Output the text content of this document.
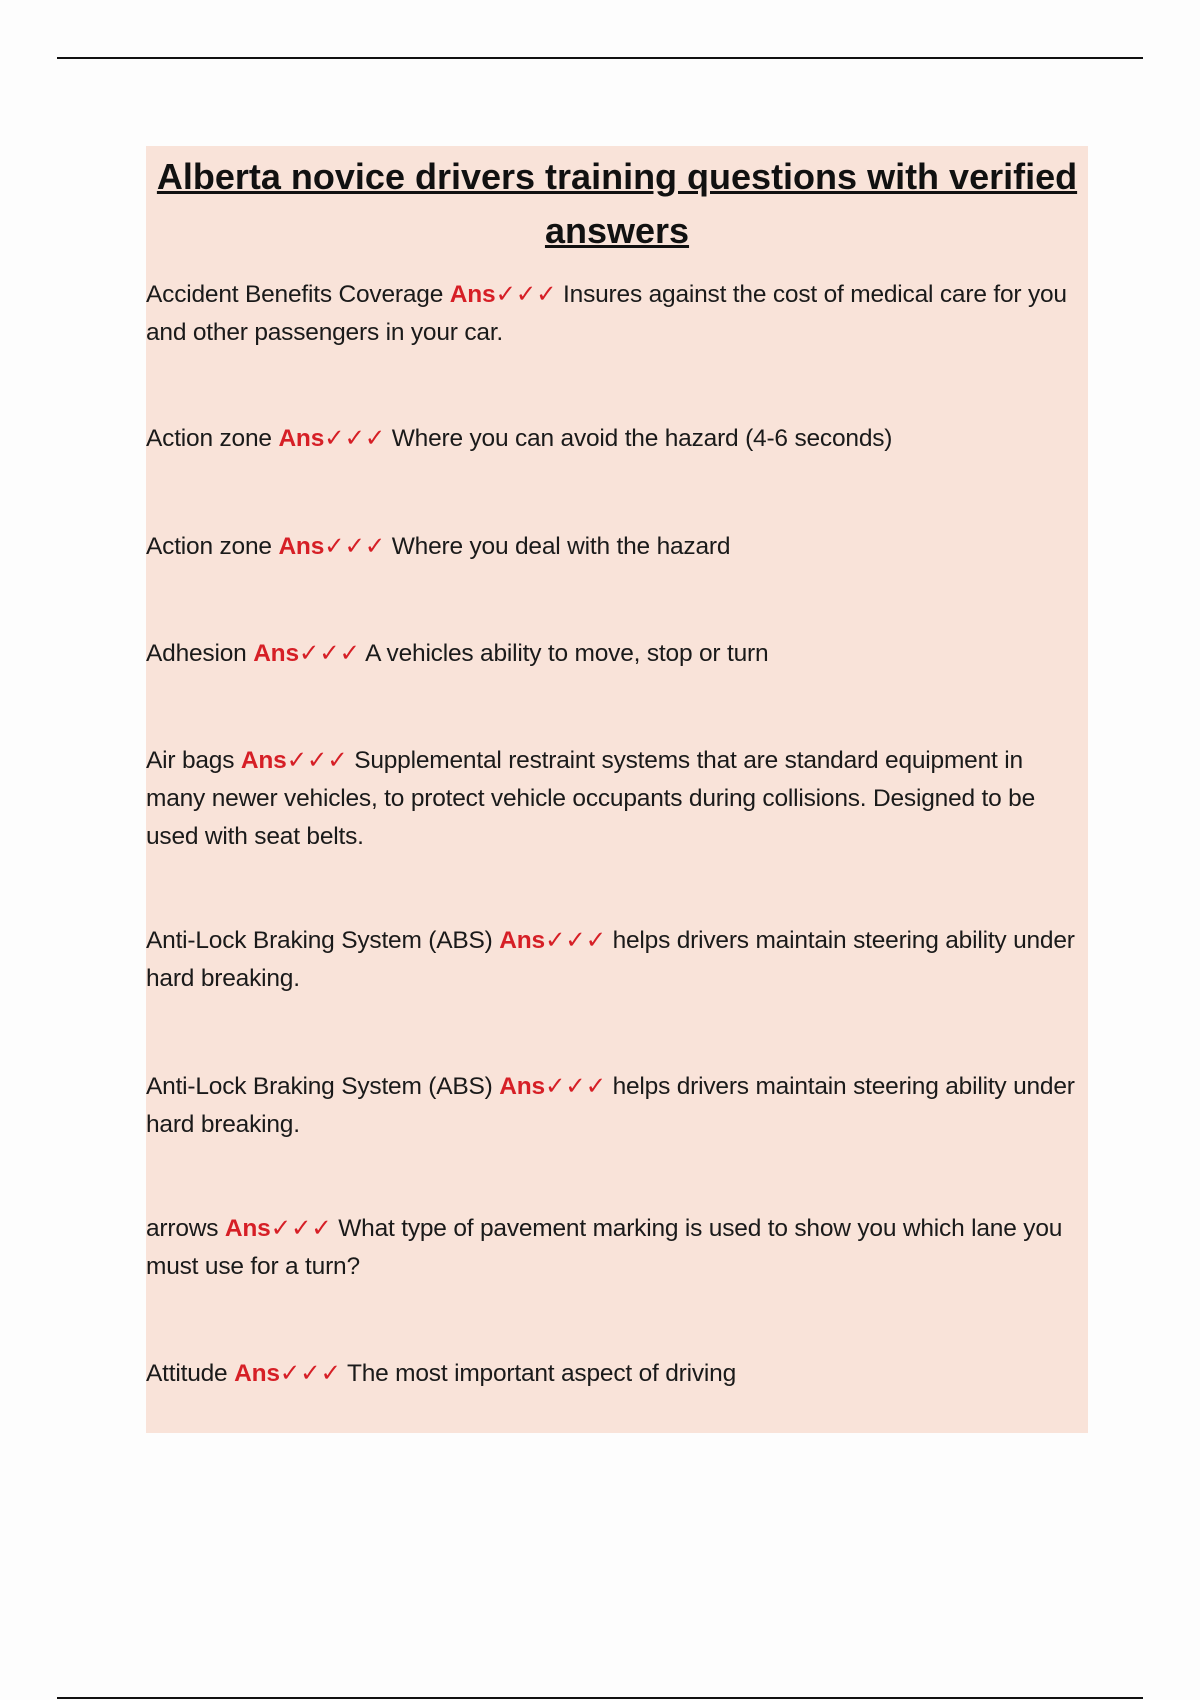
Alberta novice drivers training questions with verified answers

Accident Benefits Coverage Ans✓✓✓ Insures against the cost of medical care for you and other passengers in your car.

Action zone Ans✓✓✓ Where you can avoid the hazard (4-6 seconds)

Action zone Ans✓✓✓ Where you deal with the hazard

Adhesion Ans✓✓✓ A vehicles ability to move, stop or turn

Air bags Ans✓✓✓ Supplemental restraint systems that are standard equipment in many newer vehicles, to protect vehicle occupants during collisions. Designed to be used with seat belts.

Anti-Lock Braking System (ABS) Ans✓✓✓ helps drivers maintain steering ability under hard breaking.

Anti-Lock Braking System (ABS) Ans✓✓✓ helps drivers maintain steering ability under hard breaking.

arrows Ans✓✓✓ What type of pavement marking is used to show you which lane you must use for a turn?

Attitude Ans✓✓✓ The most important aspect of driving
